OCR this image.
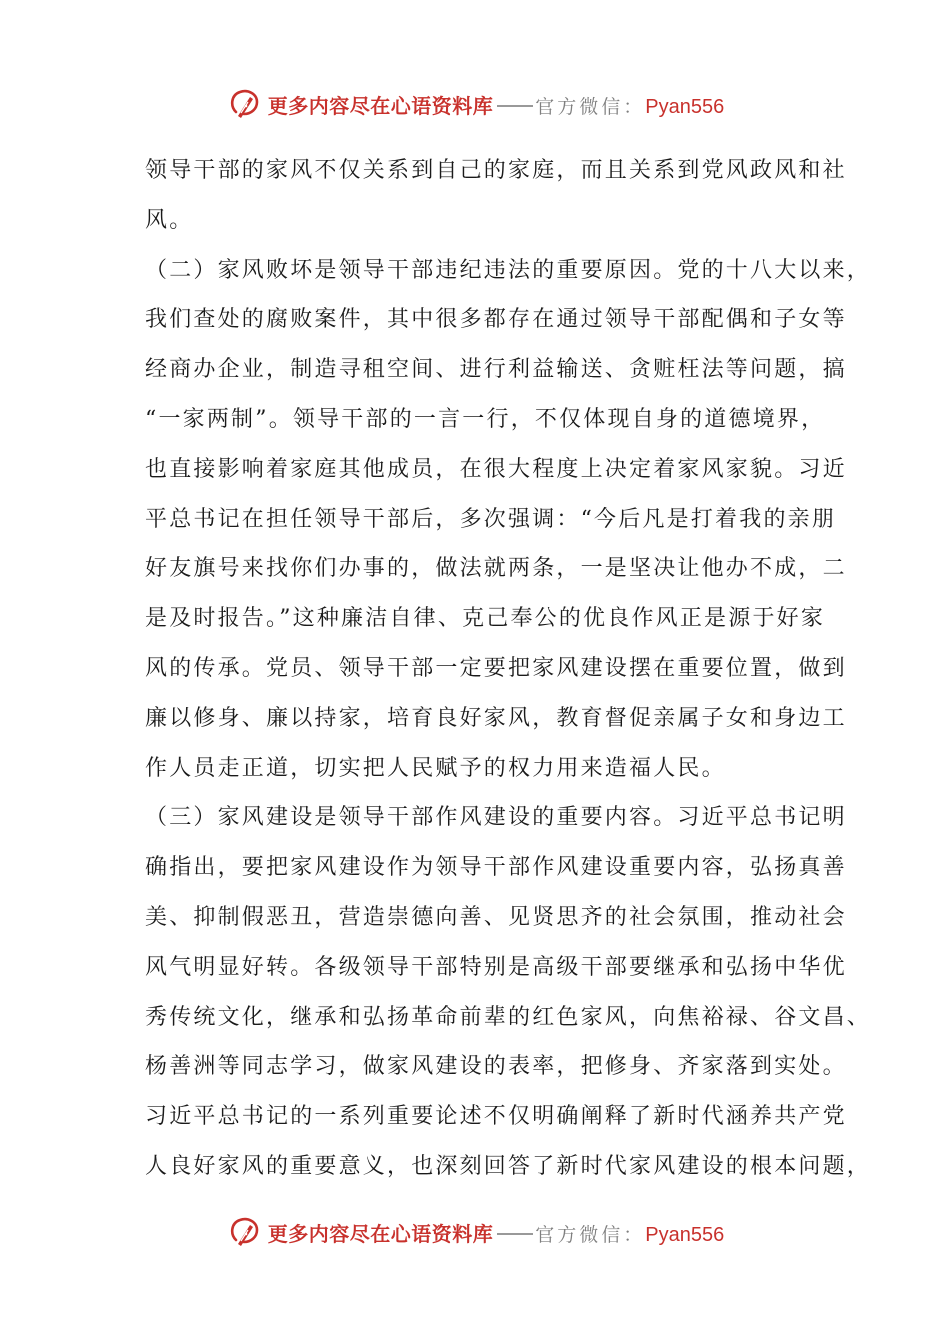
更多内容尽在心语资料库 官方微信： Pyan556
领导干部的家风不仅关系到自己的家庭，而且关系到党风政风和社
风。
（二）家风败坏是领导干部违纪违法的重要原因。党的十八大以来，
我们查处的腐败案件，其中很多都存在通过领导干部配偶和子女等
经商办企业，制造寻租空间、进行利益输送、贪赃枉法等问题，搞
“一家两制”。领导干部的一言一行，不仅体现自身的道德境界，
也直接影响着家庭其他成员，在很大程度上决定着家风家貌。习近
平总书记在担任领导干部后，多次强调：“今后凡是打着我的亲朋
好友旗号来找你们办事的，做法就两条，一是坚决让他办不成，二
是及时报告。”这种廉洁自律、克己奉公的优良作风正是源于好家
风的传承。党员、领导干部一定要把家风建设摆在重要位置，做到
廉以修身、廉以持家，培育良好家风，教育督促亲属子女和身边工
作人员走正道，切实把人民赋予的权力用来造福人民。
（三）家风建设是领导干部作风建设的重要内容。习近平总书记明
确指出，要把家风建设作为领导干部作风建设重要内容，弘扬真善
美、抑制假恶丑，营造崇德向善、见贤思齐的社会氛围，推动社会
风气明显好转。各级领导干部特别是高级干部要继承和弘扬中华优
秀传统文化，继承和弘扬革命前辈的红色家风，向焦裕禄、谷文昌、
杨善洲等同志学习，做家风建设的表率，把修身、齐家落到实处。
习近平总书记的一系列重要论述不仅明确阐释了新时代涵养共产党
人良好家风的重要意义，也深刻回答了新时代家风建设的根本问题，
更多内容尽在心语资料库 官方微信： Pyan556
